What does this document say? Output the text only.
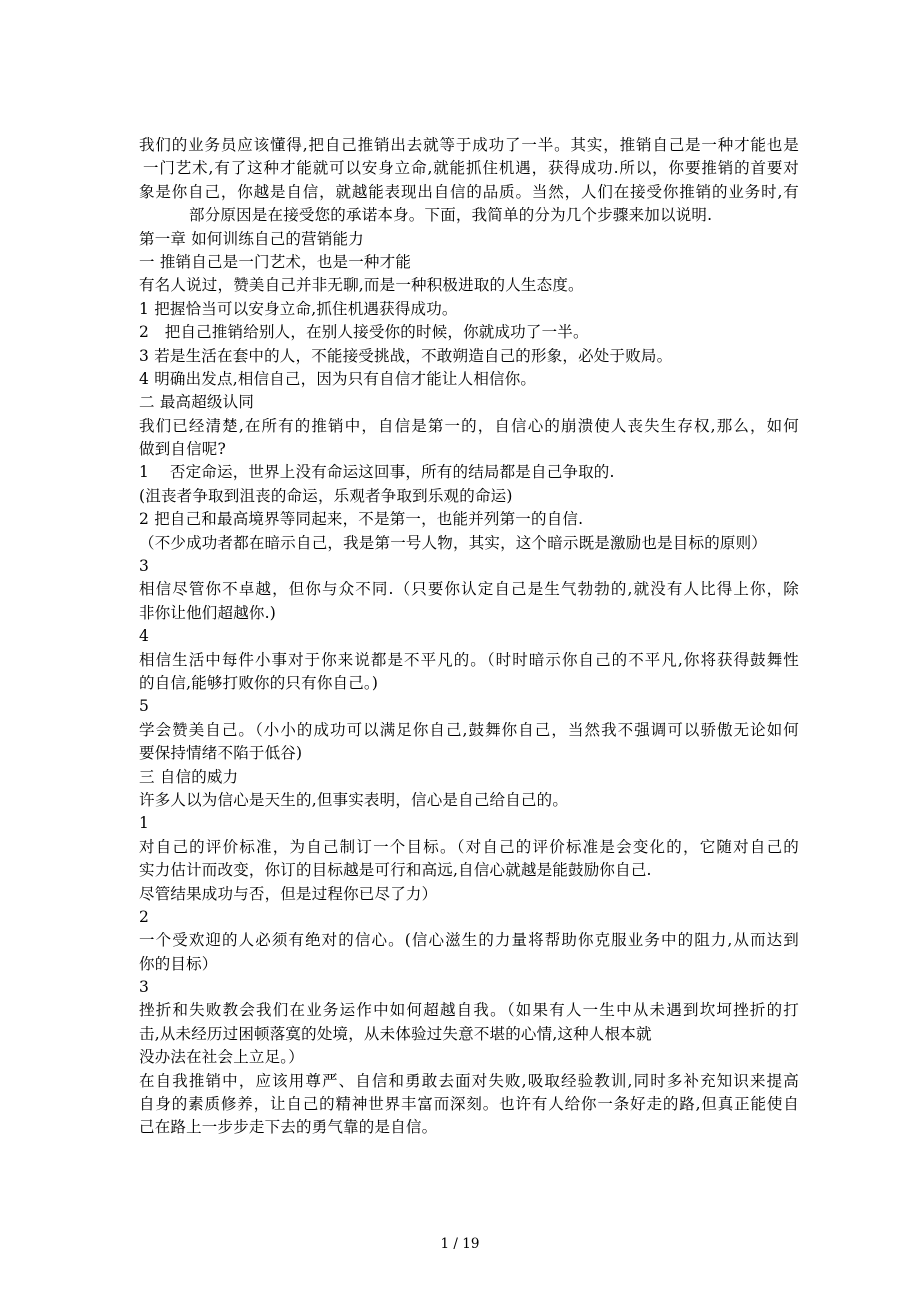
我们的业务员应该懂得,把自己推销出去就等于成功了一半。其实，推销自己是一种才能也是
一门艺术,有了这种才能就可以安身立命,就能抓住机遇，获得成功.所以，你要推销的首要对
象是你自己，你越是自信，就越能表现出自信的品质。当然，人们在接受你推销的业务时,有
部分原因是在接受您的承诺本身。下面，我简单的分为几个步骤来加以说明.
第一章 如何训练自己的营销能力
一 推销自己是一门艺术，也是一种才能
有名人说过，赞美自己并非无聊,而是一种积极进取的人生态度。
1 把握恰当可以安身立命,抓住机遇获得成功。
2　把自己推销给别人，在别人接受你的时候，你就成功了一半。
3 若是生活在套中的人，不能接受挑战，不敢朔造自己的形象，必处于败局。
4 明确出发点,相信自己，因为只有自信才能让人相信你。
二 最高超级认同
我们已经清楚,在所有的推销中，自信是第一的，自信心的崩溃使人丧失生存权,那么，如何
做到自信呢?
1　 否定命运，世界上没有命运这回事，所有的结局都是自己争取的.
(沮丧者争取到沮丧的命运，乐观者争取到乐观的命运)
2 把自己和最高境界等同起来，不是第一，也能并列第一的自信.
（不少成功者都在暗示自己，我是第一号人物，其实，这个暗示既是激励也是目标的原则）
3
相信尽管你不卓越，但你与众不同.（只要你认定自己是生气勃勃的,就没有人比得上你，除
非你让他们超越你.)
4
相信生活中每件小事对于你来说都是不平凡的。（时时暗示你自己的不平凡,你将获得鼓舞性
的自信,能够打败你的只有你自己。)
5
学会赞美自己。（小小的成功可以满足你自己,鼓舞你自己，当然我不强调可以骄傲无论如何
要保持情绪不陷于低谷)
三 自信的威力
许多人以为信心是天生的,但事实表明，信心是自己给自己的。
1
对自己的评价标准，为自己制订一个目标。（对自己的评价标准是会变化的，它随对自己的
实力估计而改变，你订的目标越是可行和高远,自信心就越是能鼓励你自己.
尽管结果成功与否，但是过程你已尽了力）
2
一个受欢迎的人必须有绝对的信心。(信心滋生的力量将帮助你克服业务中的阻力,从而达到
你的目标）
3
挫折和失败教会我们在业务运作中如何超越自我。（如果有人一生中从未遇到坎坷挫折的打
击,从未经历过困顿落寞的处境，从未体验过失意不堪的心情,这种人根本就
没办法在社会上立足。）
在自我推销中，应该用尊严、自信和勇敢去面对失败,吸取经验教训,同时多补充知识来提高
自身的素质修养，让自己的精神世界丰富而深刻。也许有人给你一条好走的路,但真正能使自
己在路上一步步走下去的勇气靠的是自信。
1 / 19
